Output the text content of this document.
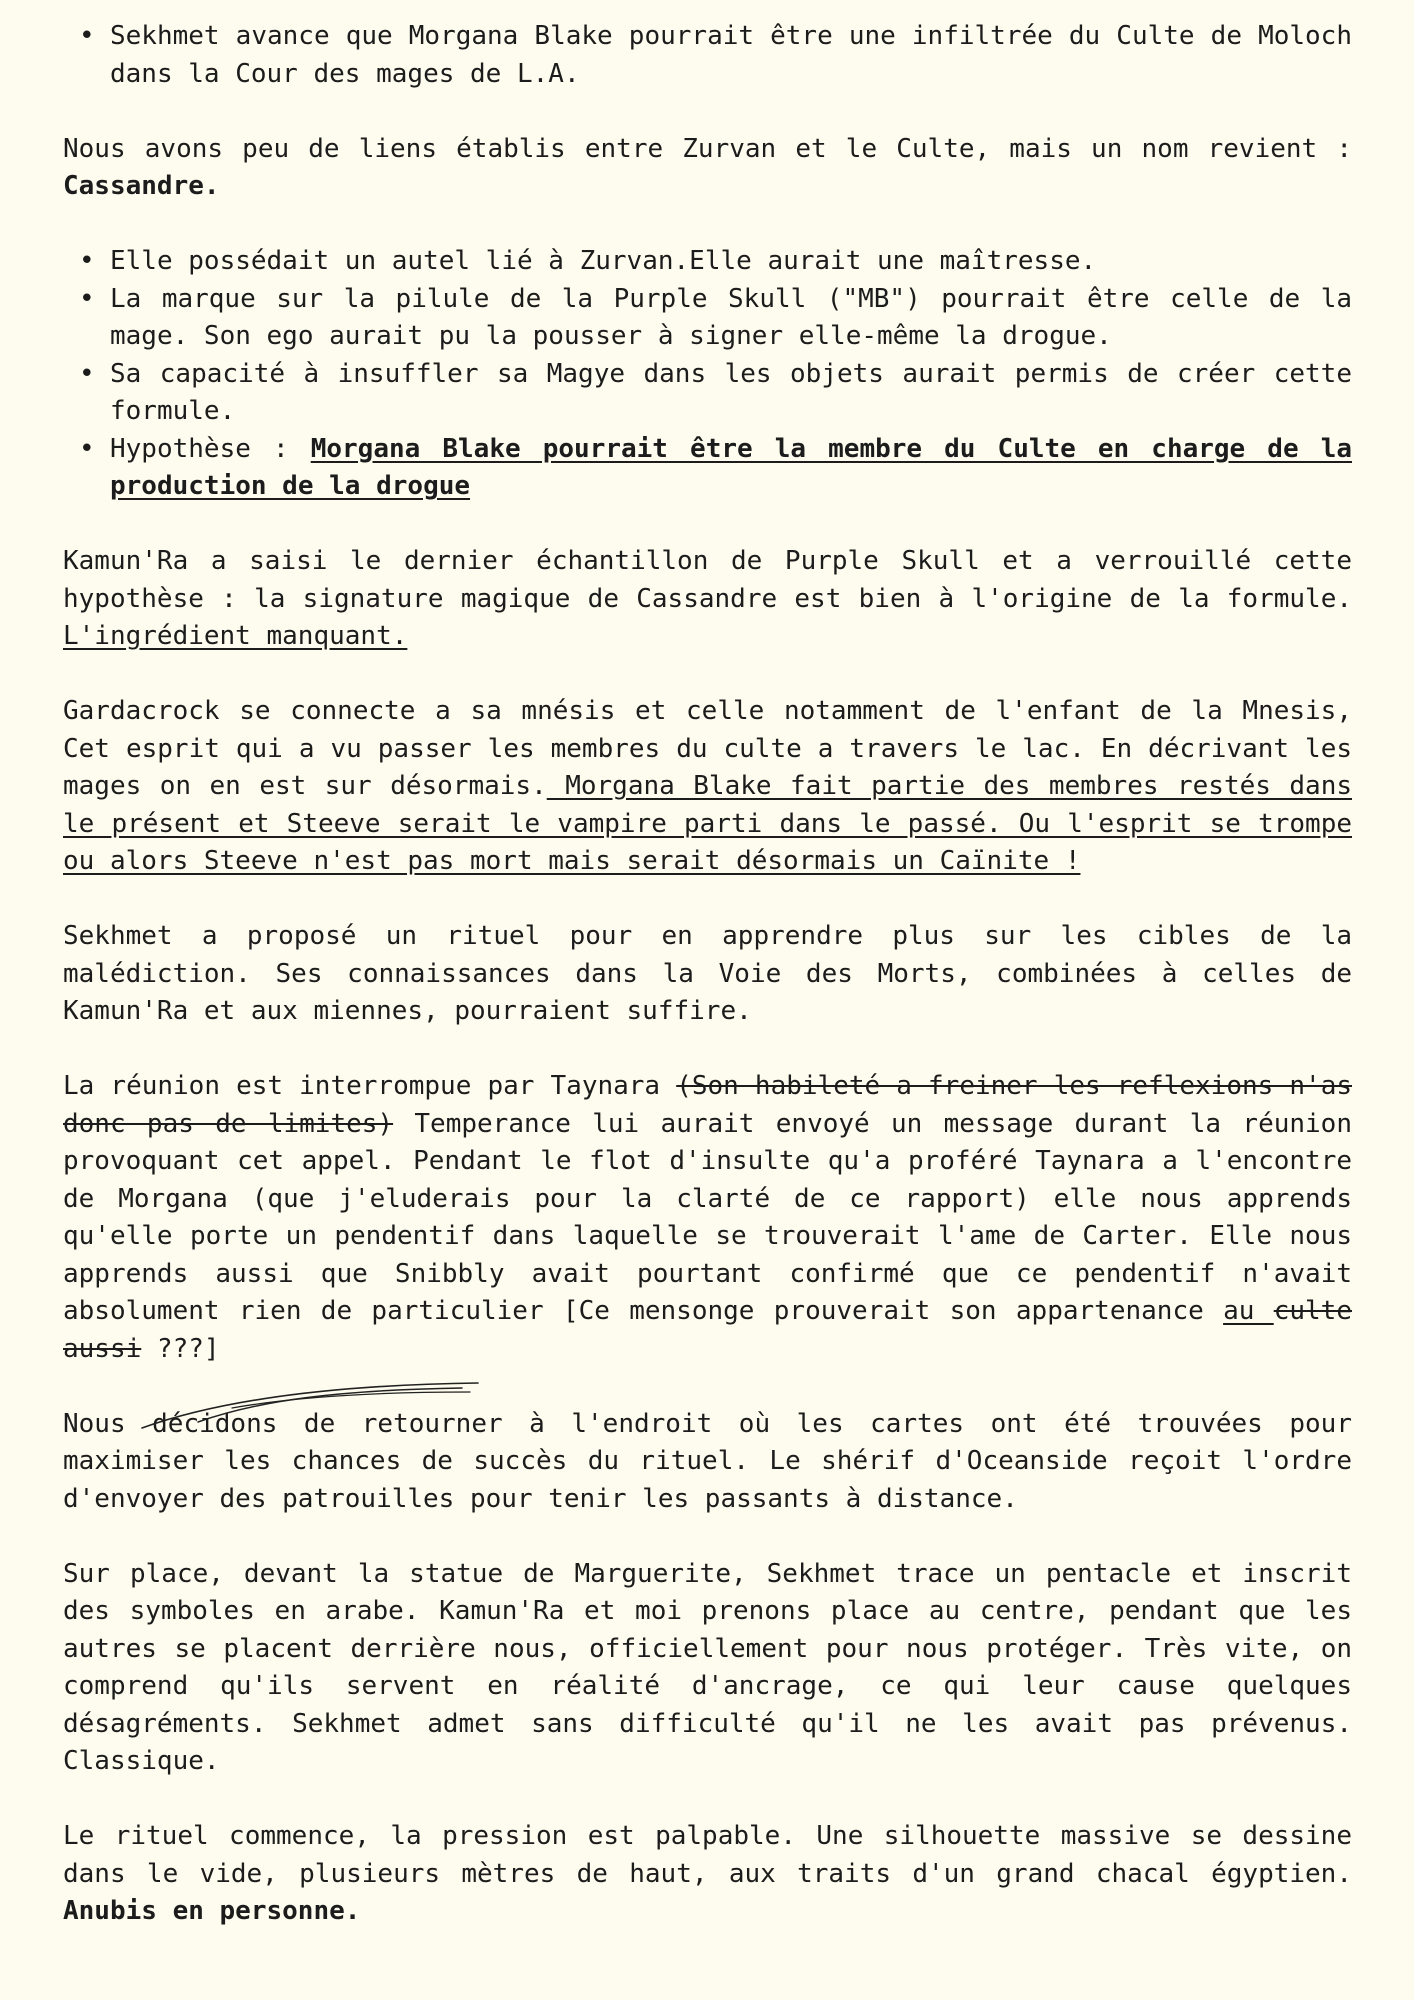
• Sekhmet avance que Morgana Blake pourrait être une infiltrée du Culte de Moloch dans la Cour des mages de L.A.

Nous avons peu de liens établis entre Zurvan et le Culte, mais un nom revient : Cassandre.

• Elle possédait un autel lié à Zurvan.Elle aurait une maîtresse.
• La marque sur la pilule de la Purple Skull ("MB") pourrait être celle de la mage. Son ego aurait pu la pousser à signer elle-même la drogue.
• Sa capacité à insuffler sa Magye dans les objets aurait permis de créer cette formule.
• Hypothèse : Morgana Blake pourrait être la membre du Culte en charge de la production de la drogue

Kamun'Ra a saisi le dernier échantillon de Purple Skull et a verrouillé cette hypothèse : la signature magique de Cassandre est bien à l'origine de la formule. L'ingrédient manquant.

Gardacrock se connecte a sa mnésis et celle notamment de l'enfant de la Mnesis, Cet esprit qui a vu passer les membres du culte a travers le lac. En décrivant les mages on en est sur désormais. Morgana Blake fait partie des membres restés dans le présent et Steeve serait le vampire parti dans le passé. Ou l'esprit se trompe ou alors Steeve n'est pas mort mais serait désormais un Caïnite !

Sekhmet a proposé un rituel pour en apprendre plus sur les cibles de la malédiction. Ses connaissances dans la Voie des Morts, combinées à celles de Kamun'Ra et aux miennes, pourraient suffire.

La réunion est interrompue par Taynara (Son habileté a freiner les reflexions n'as donc pas de limites) Temperance lui aurait envoyé un message durant la réunion provoquant cet appel. Pendant le flot d'insulte qu'a proféré Taynara a l'encontre de Morgana (que j'eluderais pour la clarté de ce rapport) elle nous apprends qu'elle porte un pendentif dans laquelle se trouverait l'ame de Carter. Elle nous apprends aussi que Snibbly avait pourtant confirmé que ce pendentif n'avait absolument rien de particulier [Ce mensonge prouverait son appartenance au culte aussi ???]

Nous décidons de retourner à l'endroit où les cartes ont été trouvées pour maximiser les chances de succès du rituel. Le shérif d'Oceanside reçoit l'ordre d'envoyer des patrouilles pour tenir les passants à distance.

Sur place, devant la statue de Marguerite, Sekhmet trace un pentacle et inscrit des symboles en arabe. Kamun'Ra et moi prenons place au centre, pendant que les autres se placent derrière nous, officiellement pour nous protéger. Très vite, on comprend qu'ils servent en réalité d'ancrage, ce qui leur cause quelques désagréments. Sekhmet admet sans difficulté qu'il ne les avait pas prévenus. Classique.

Le rituel commence, la pression est palpable. Une silhouette massive se dessine dans le vide, plusieurs mètres de haut, aux traits d'un grand chacal égyptien. Anubis en personne.
